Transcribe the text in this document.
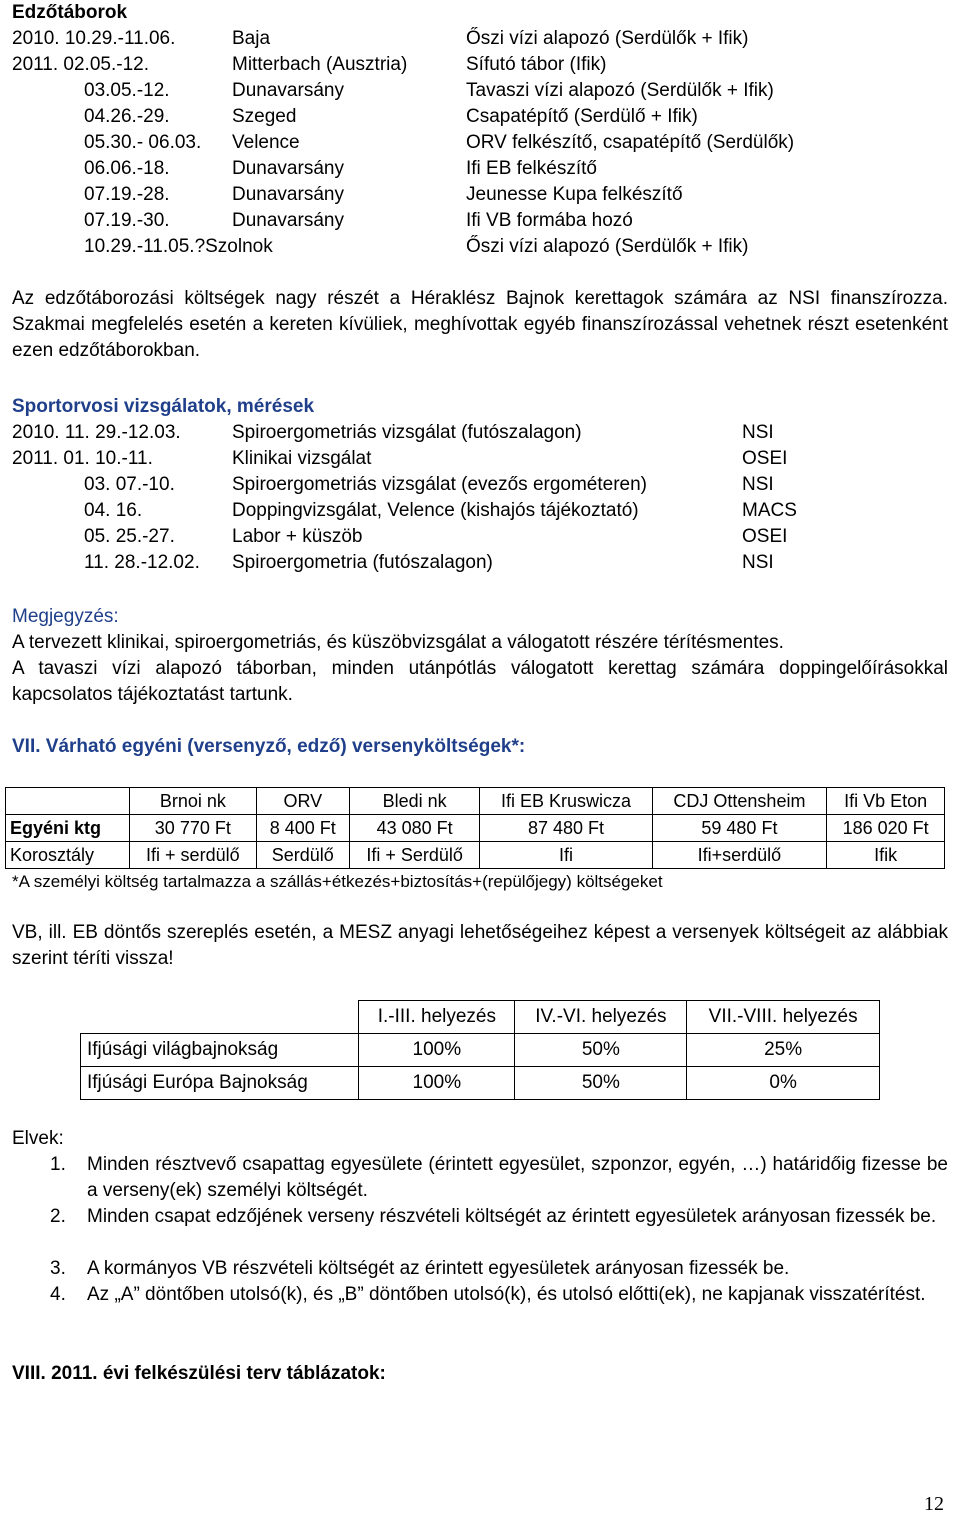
Edzőtáborok
2010. 10.29.-11.06.	Baja	Őszi vízi alapozó (Serdülők + Ifik)
2011. 02.05.-12.	Mitterbach (Ausztria)	Sífutó tábor (Ifik)
03.05.-12.	Dunavarsány	Tavaszi vízi alapozó (Serdülők + Ifik)
04.26.-29.	Szeged	Csapatépítő (Serdülő + Ifik)
05.30.- 06.03. Velence	ORV felkészítő, csapatépítő (Serdülők)
06.06.-18.	Dunavarsány	Ifi EB felkészítő
07.19.-28.	Dunavarsány	Jeunesse Kupa felkészítő
07.19.-30.	Dunavarsány	Ifi VB formába hozó
10.29.-11.05.?Szolnok	Őszi vízi alapozó (Serdülők + Ifik)
Az edzőtáborozási költségek nagy részét a Héraklész Bajnok kerettagok számára az NSI finanszírozza. Szakmai megfelelés esetén a kereten kívüliek, meghívottak egyéb finanszírozással vehetnek részt esetenként ezen edzőtáborokban.
Sportorvosi vizsgálatok, mérések
2010. 11. 29.-12.03.	Spiroergometriás vizsgálat (futószalagon)	NSI
2011. 01. 10.-11.	Klinikai vizsgálat	OSEI
03. 07.-10.	Spiroergometriás vizsgálat (evezős ergométeren)	NSI
04. 16.	Doppingvizsgálat, Velence (kishajós tájékoztató)	MACS
05. 25.-27.	Labor + küszöb	OSEI
11. 28.-12.02. Spiroergometria (futószalagon)	NSI
Megjegyzés:
A tervezett klinikai, spiroergometriás, és küszöbvizsgálat a válogatott részére térítésmentes.
A tavaszi vízi alapozó táborban, minden utánpótlás válogatott kerettag számára doppingelőírásokkal kapcsolatos tájékoztatást tartunk.
VII. Várható egyéni (versenyző, edző) versenyköltségek*:
	Brnoi nk	ORV	Bledi nk	Ifi EB Kruswicza	CDJ Ottensheim	Ifi Vb Eton
Egyéni ktg	30 770 Ft	8 400 Ft	43 080 Ft	87 480 Ft	59 480 Ft	186 020 Ft
Korosztály	Ifi + serdülő	Serdülő	Ifi + Serdülő	Ifi	Ifi+serdülő	Ifik
*A személyi költség tartalmazza a szállás+étkezés+biztosítás+(repülőjegy) költségeket
VB, ill. EB döntős szereplés esetén, a MESZ anyagi lehetőségeihez képest a versenyek költségeit az alábbiak szerint téríti vissza!
	I.-III. helyezés	IV.-VI. helyezés	VII.-VIII. helyezés
Ifjúsági világbajnokság	100%	50%	25%
Ifjúsági Európa Bajnokság	100%	50%	0%
Elvek:
1. Minden résztvevő csapattag egyesülete (érintett egyesület, szponzor, egyén, …) határidőig fizesse be a verseny(ek) személyi költségét.
2. Minden csapat edzőjének verseny részvételi költségét az érintett egyesületek arányosan fizessék be.
3. A kormányos VB részvételi költségét az érintett egyesületek arányosan fizessék be.
4. Az „A” döntőben utolsó(k), és „B” döntőben utolsó(k), és utolsó előtti(ek), ne kapjanak visszatérítést.
VIII. 2011. évi felkészülési terv táblázatok:
12
